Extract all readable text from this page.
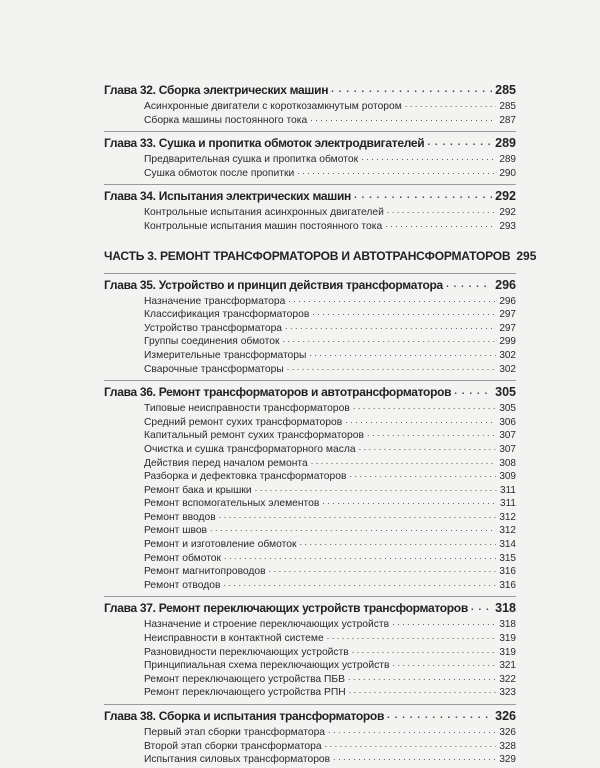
Глава 32. Сборка электрических машин . . .	285
Асинхронные двигатели с короткозамкнутым ротором . . .	285
Сборка машины постоянного тока . . .	287
Глава 33. Сушка и пропитка обмоток электродвигателей . . .	289
Предварительная сушка и пропитка обмоток . . .	289
Сушка обмоток после пропитки . . .	290
Глава 34. Испытания электрических машин . . .	292
Контрольные испытания асинхронных двигателей . . .	292
Контрольные испытания машин постоянного тока . . .	293
ЧАСТЬ 3. РЕМОНТ ТРАНСФОРМАТОРОВ И АВТОТРАНСФОРМАТОРОВ 295
Глава 35. Устройство и принцип действия трансформатора . . .	296
Назначение трансформатора . . .	296
Классификация трансформаторов . . .	297
Устройство трансформатора . . .	297
Группы соединения обмоток . . .	299
Измерительные трансформаторы . . .	302
Сварочные трансформаторы . . .	302
Глава 36. Ремонт трансформаторов и автотрансформаторов . . .	305
Типовые неисправности трансформаторов . . .	305
Средний ремонт сухих трансформаторов . . .	306
Капитальный ремонт сухих трансформаторов . . .	307
Очистка и сушка трансформаторного масла . . .	307
Действия перед началом ремонта . . .	308
Разборка и дефектовка трансформаторов . . .	309
Ремонт бака и крышки . . .	311
Ремонт вспомогательных элементов . . .	311
Ремонт вводов . . .	312
Ремонт швов . . .	312
Ремонт и изготовление обмоток . . .	314
Ремонт обмоток . . .	315
Ремонт магнитопроводов . . .	316
Ремонт отводов . . .	316
Глава 37. Ремонт переключающих устройств трансформаторов . . . 318
Назначение и строение переключающих устройств . . .	318
Неисправности в контактной системе . . .	319
Разновидности переключающих устройств . . .	319
Принципиальная схема переключающих устройств . . .	321
Ремонт переключающего устройства ПБВ . . .	322
Ремонт переключающего устройства РПН . . .	323
Глава 38. Сборка и испытания трансформаторов . . .	326
Первый этап сборки трансформатора . . .	326
Второй этап сборки трансформатора . . .	328
Испытания силовых трансформаторов . . .	329
